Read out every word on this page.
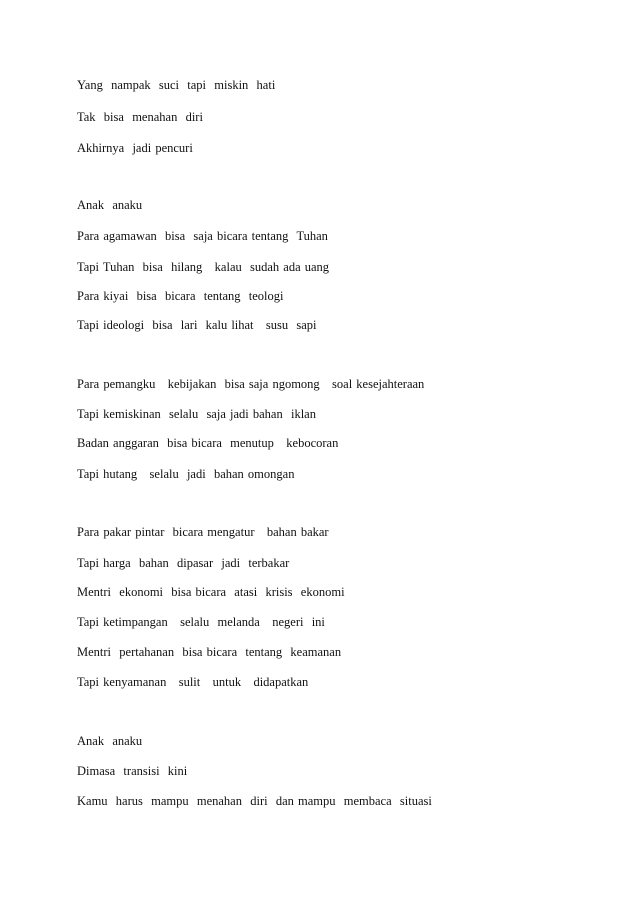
Yang  nampak  suci  tapi  miskin  hati
Tak  bisa  menahan  diri
Akhirnya  jadi pencuri
Anak  anaku
Para agamawan  bisa  saja bicara tentang  Tuhan
Tapi Tuhan  bisa  hilang   kalau  sudah ada uang
Para kiyai  bisa  bicara  tentang  teologi
Tapi ideologi  bisa  lari  kalu lihat   susu  sapi
Para pemangku   kebijakan  bisa saja ngomong   soal kesejahteraan
Tapi kemiskinan  selalu  saja jadi bahan  iklan
Badan anggaran  bisa bicara  menutup   kebocoran
Tapi hutang   selalu  jadi  bahan omongan
Para pakar pintar  bicara mengatur   bahan bakar
Tapi harga  bahan  dipasar  jadi  terbakar
Mentri  ekonomi  bisa bicara  atasi  krisis  ekonomi
Tapi ketimpangan   selalu  melanda   negeri  ini
Mentri  pertahanan  bisa bicara  tentang  keamanan
Tapi kenyamanan   sulit   untuk   didapatkan
Anak  anaku
Dimasa  transisi  kini
Kamu  harus  mampu  menahan  diri  dan mampu  membaca  situasi
